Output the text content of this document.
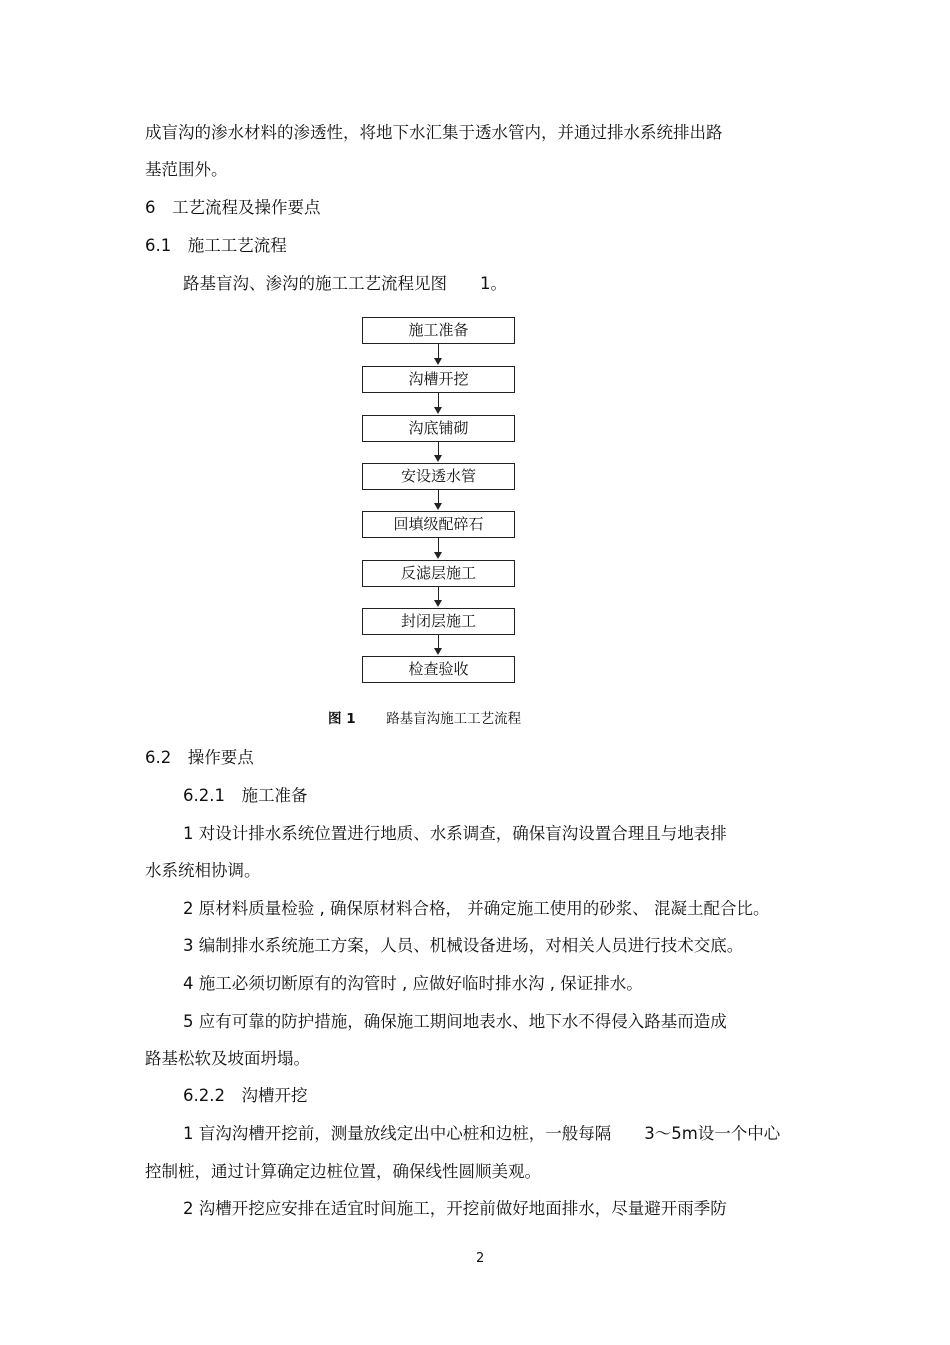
成盲沟的渗水材料的渗透性，将地下水汇集于透水管内，并通过排水系统排出路
基范围外。
6　工艺流程及操作要点
6.1　施工工艺流程
路基盲沟、渗沟的施工工艺流程见图　　1。
施工准备
沟槽开挖
沟底铺砌
安设透水管
回填级配碎石
反滤层施工
封闭层施工
检查验收
图 1 路基盲沟施工工艺流程
6.2　操作要点
6.2.1　施工准备
1 对设计排水系统位置进行地质、水系调查，确保盲沟设置合理且与地表排
水系统相协调。
2 原材料质量检验 , 确保原材料合格， 并确定施工使用的砂浆、 混凝土配合比。
3 编制排水系统施工方案，人员、机械设备进场，对相关人员进行技术交底。
4 施工必须切断原有的沟管时 , 应做好临时排水沟 , 保证排水。
5 应有可靠的防护措施，确保施工期间地表水、地下水不得侵入路基而造成
路基松软及坡面坍塌。
6.2.2　沟槽开挖
1 盲沟沟槽开挖前，测量放线定出中心桩和边桩，一般每隔　　3～5m设一个中心
控制桩，通过计算确定边桩位置，确保线性圆顺美观。
2 沟槽开挖应安排在适宜时间施工，开挖前做好地面排水，尽量避开雨季防
2
